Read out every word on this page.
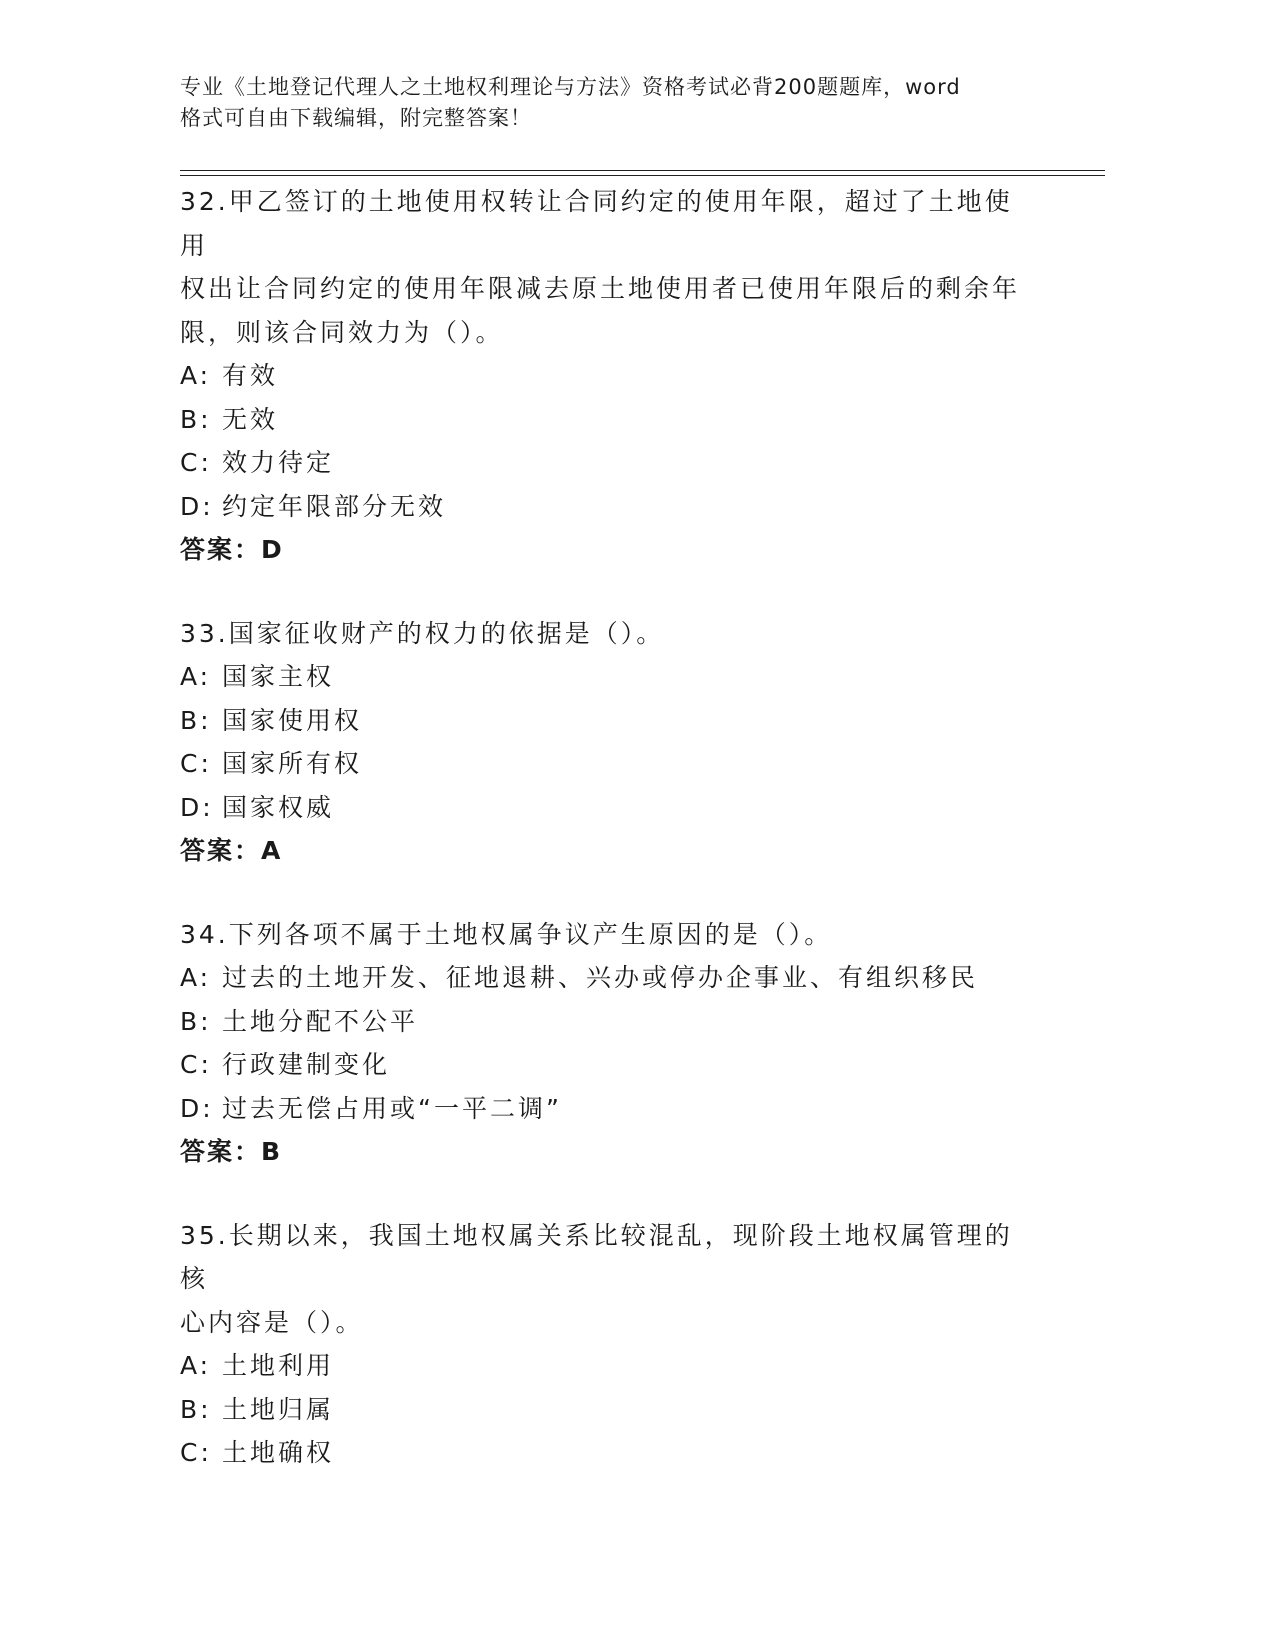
专业《土地登记代理人之土地权利理论与方法》资格考试必背200题题库，word
格式可自由下载编辑，附完整答案！
32.甲乙签订的土地使用权转让合同约定的使用年限，超过了土地使用
权出让合同约定的使用年限减去原土地使用者已使用年限后的剩余年
限，则该合同效力为（）。
A: 有效
B: 无效
C: 效力待定
D: 约定年限部分无效
答案：D
33.国家征收财产的权力的依据是（）。
A: 国家主权
B: 国家使用权
C: 国家所有权
D: 国家权威
答案：A
34.下列各项不属于土地权属争议产生原因的是（）。
A: 过去的土地开发、征地退耕、兴办或停办企事业、有组织移民
B: 土地分配不公平
C: 行政建制变化
D: 过去无偿占用或“一平二调”
答案：B
35.长期以来，我国土地权属关系比较混乱，现阶段土地权属管理的核
心内容是（）。
A: 土地利用
B: 土地归属
C: 土地确权
